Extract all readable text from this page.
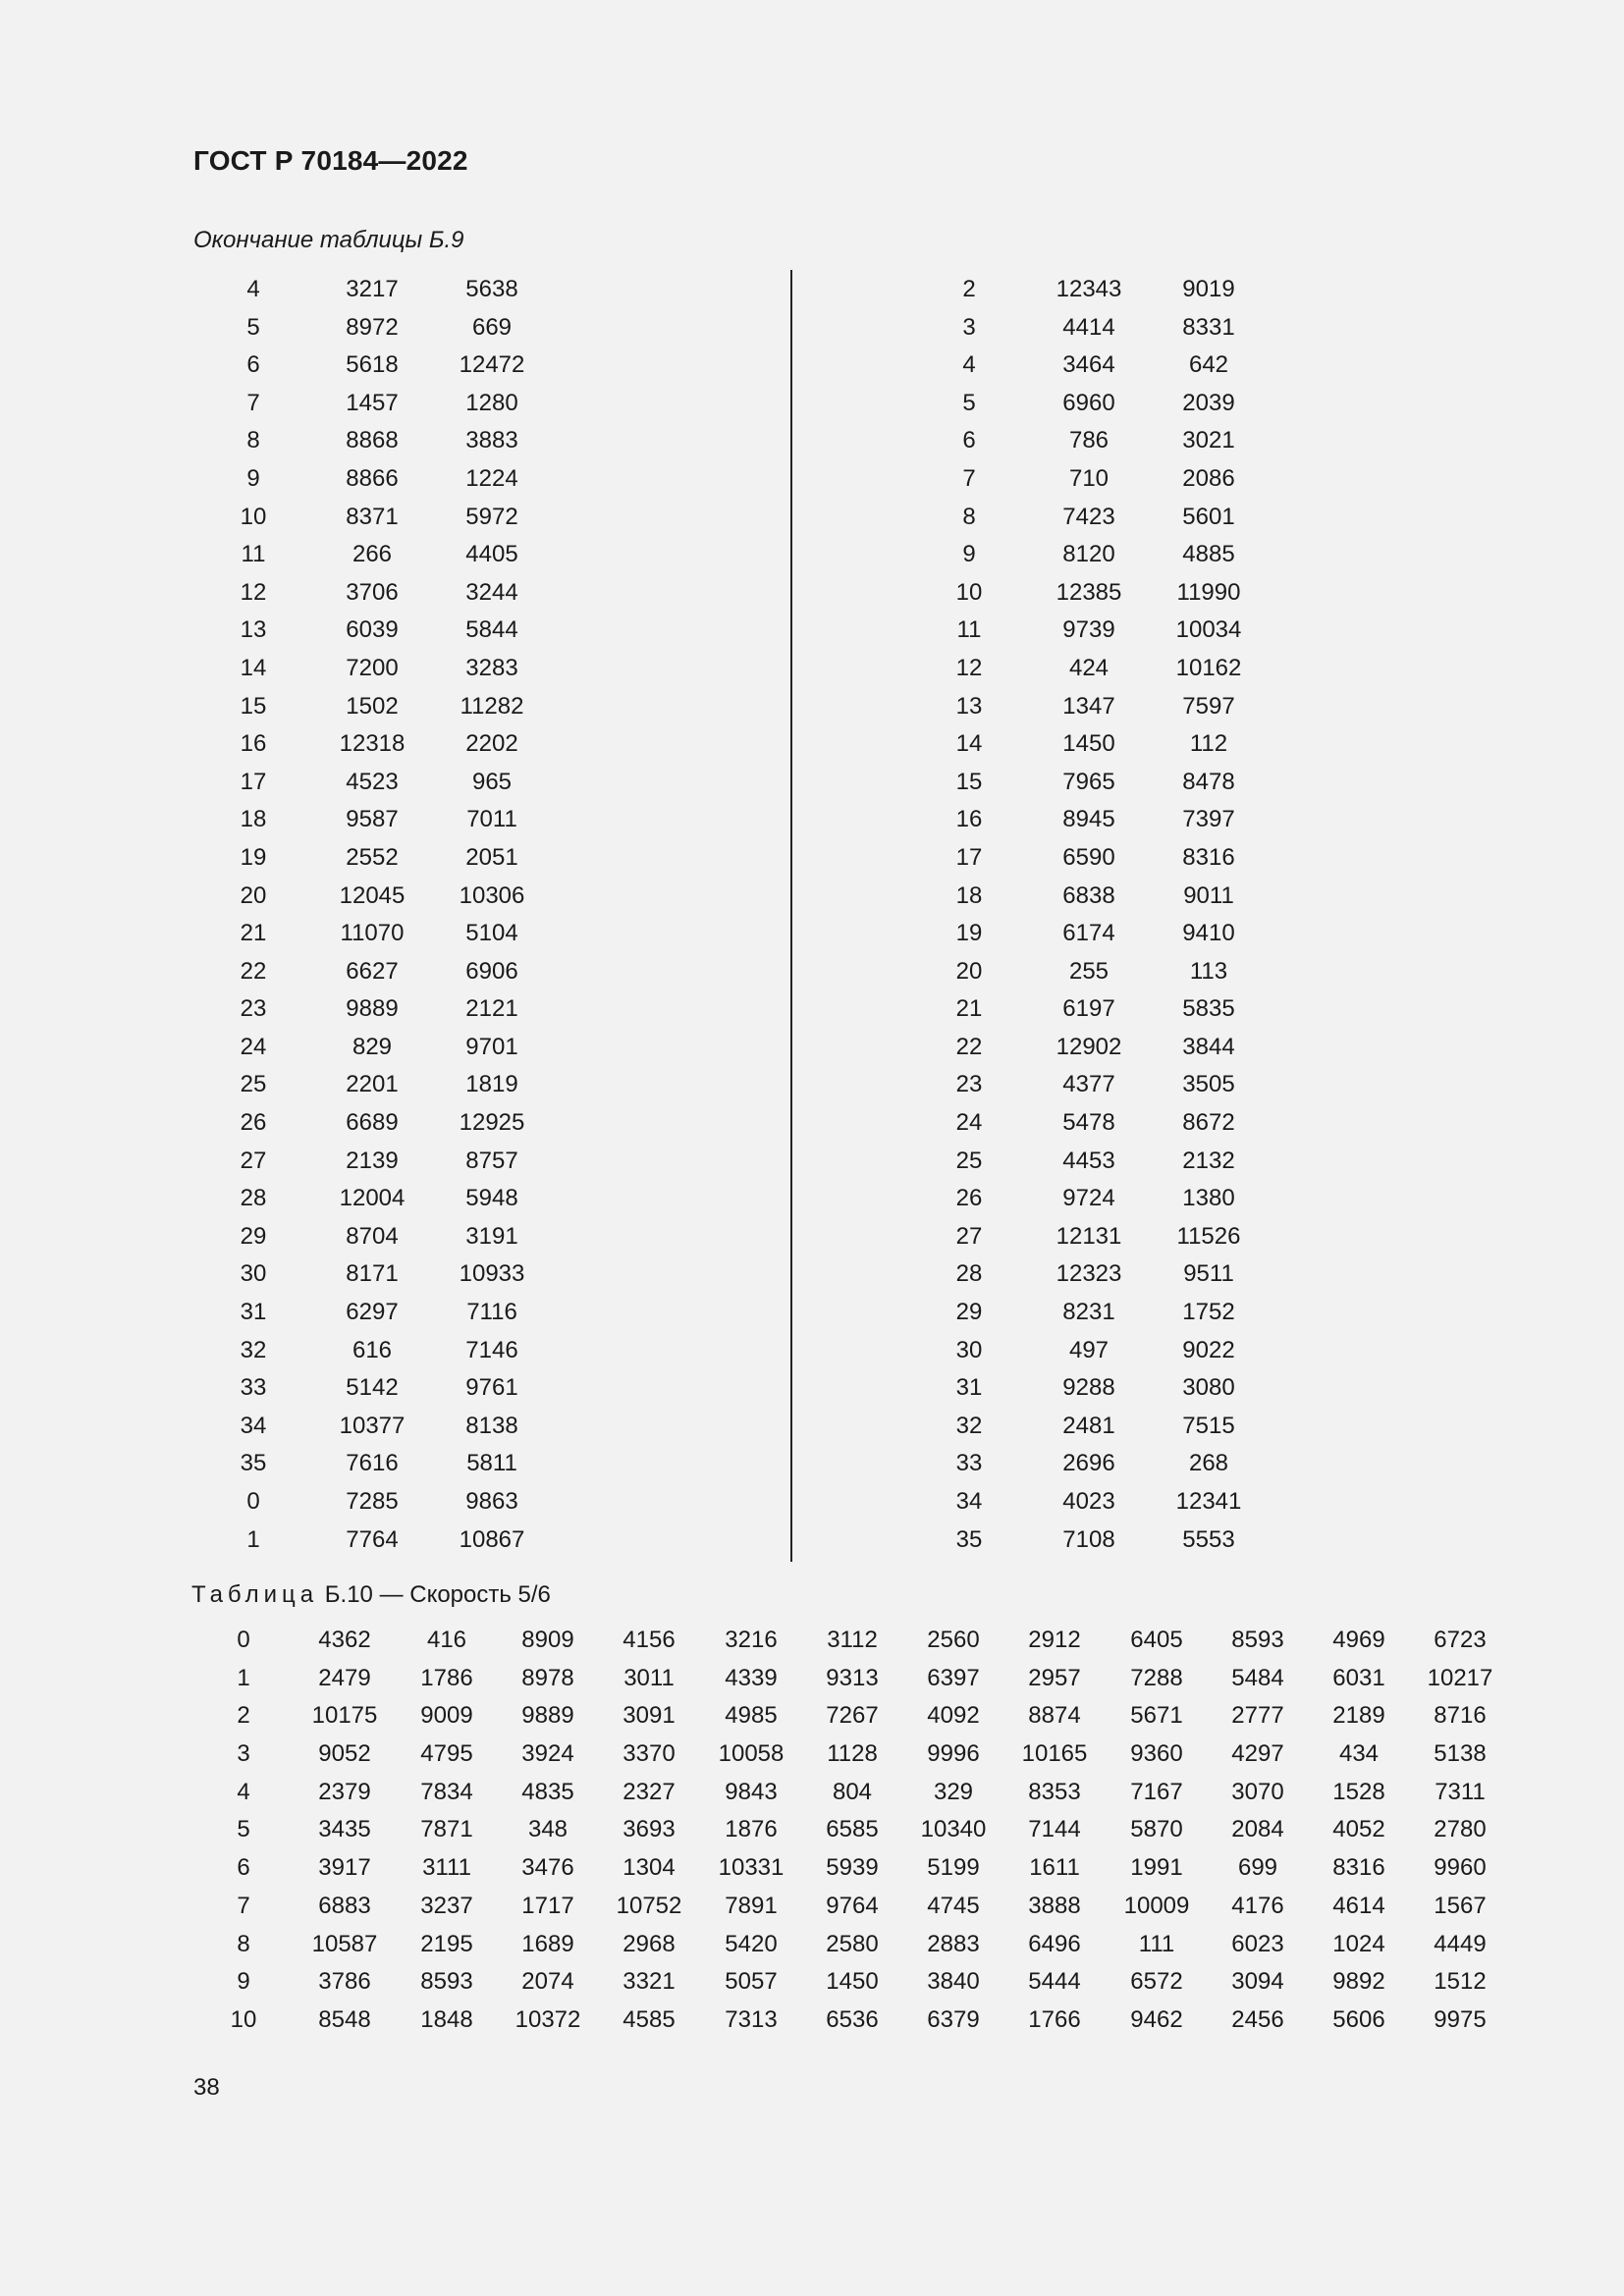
ГОСТ Р 70184—2022
Окончание таблицы Б.9
4	3217	5638
5	8972	669
6	5618	12472
7	1457	1280
8	8868	3883
9	8866	1224
10	8371	5972
11	266	4405
12	3706	3244
13	6039	5844
14	7200	3283
15	1502	11282
16	12318	2202
17	4523	965
18	9587	7011
19	2552	2051
20	12045 10306
21	11070	5104
22	6627	6906
23	9889	2121
24	829	9701
25	2201	1819
26	6689	12925
27	2139	8757
28	12004	5948
29	8704	3191
30	8171	10933
31	6297	7116
32	616	7146
33	5142	9761
34	10377	8138
35	7616	5811
0	7285	9863
1	7764	10867
2	12343	9019
3	4414	8331
4	3464	642
5	6960	2039
6	786	3021
7	710	2086
8	7423	5601
9	8120	4885
10	12385 11990
11	9739	10034
12	424	10162
13	1347	7597
14	1450	112
15	7965	8478
16	8945	7397
17	6590	8316
18	6838	9011
19	6174	9410
20	255	113
21	6197	5835
22	12902	3844
23	4377	3505
24	5478	8672
25	4453	2132
26	9724	1380
27	12131 11526
28	12323	9511
29	8231	1752
30	497	9022
31	9288	3080
32	2481	7515
33	2696	268
34	4023	12341
35	7108	5553
Таблица Б.10 — Скорость 5/6
0	4362 416 8909 4156 3216 3112 2560 2912 6405 8593 4969 6723
1	2479 1786 8978 3011 4339 9313 6397 2957 7288 5484 6031 10217
2	10175 9009 9889 3091 4985 7267 4092 8874 5671 2777 2189 8716
3	9052 4795 3924 3370 10058 1128 9996 10165 9360 4297 434 5138
4	2379 7834 4835 2327 9843 804	329 8353 7167 3070 1528 7311
5	3435 7871 348 3693 1876 6585 10340 7144 5870 2084 4052 2780
6	3917 3111 3476 1304 10331 5939 5199 1611 1991 699 8316 9960
7	6883 3237 1717 10752 7891 9764 4745 3888 10009 4176 4614 1567
8	10587 2195 1689 2968 5420 2580 2883 6496 111 6023 1024 4449
9	3786 8593 2074 3321 5057 1450 3840 5444 6572 3094 9892 1512
10	8548 1848 10372 4585 7313 6536 6379 1766 9462 2456 5606 9975
38
